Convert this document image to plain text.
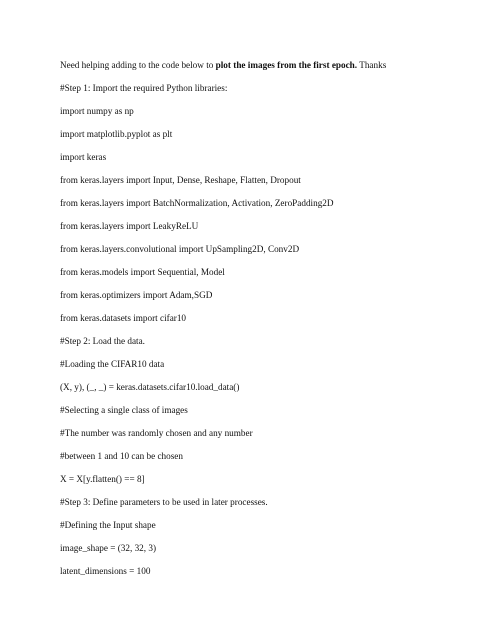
Need helping adding to the code below to plot the images from the first epoch. Thanks
#Step 1: Import the required Python libraries:
import numpy as np
import matplotlib.pyplot as plt
import keras
from keras.layers import Input, Dense, Reshape, Flatten, Dropout
from keras.layers import BatchNormalization, Activation, ZeroPadding2D
from keras.layers import LeakyReLU
from keras.layers.convolutional import UpSampling2D, Conv2D
from keras.models import Sequential, Model
from keras.optimizers import Adam,SGD
from keras.datasets import cifar10
#Step 2: Load the data.
#Loading the CIFAR10 data
(X, y), (_, _) = keras.datasets.cifar10.load_data()
#Selecting a single class of images
#The number was randomly chosen and any number
#between 1 and 10 can be chosen
X = X[y.flatten() == 8]
#Step 3: Define parameters to be used in later processes.
#Defining the Input shape
image_shape = (32, 32, 3)
latent_dimensions = 100
